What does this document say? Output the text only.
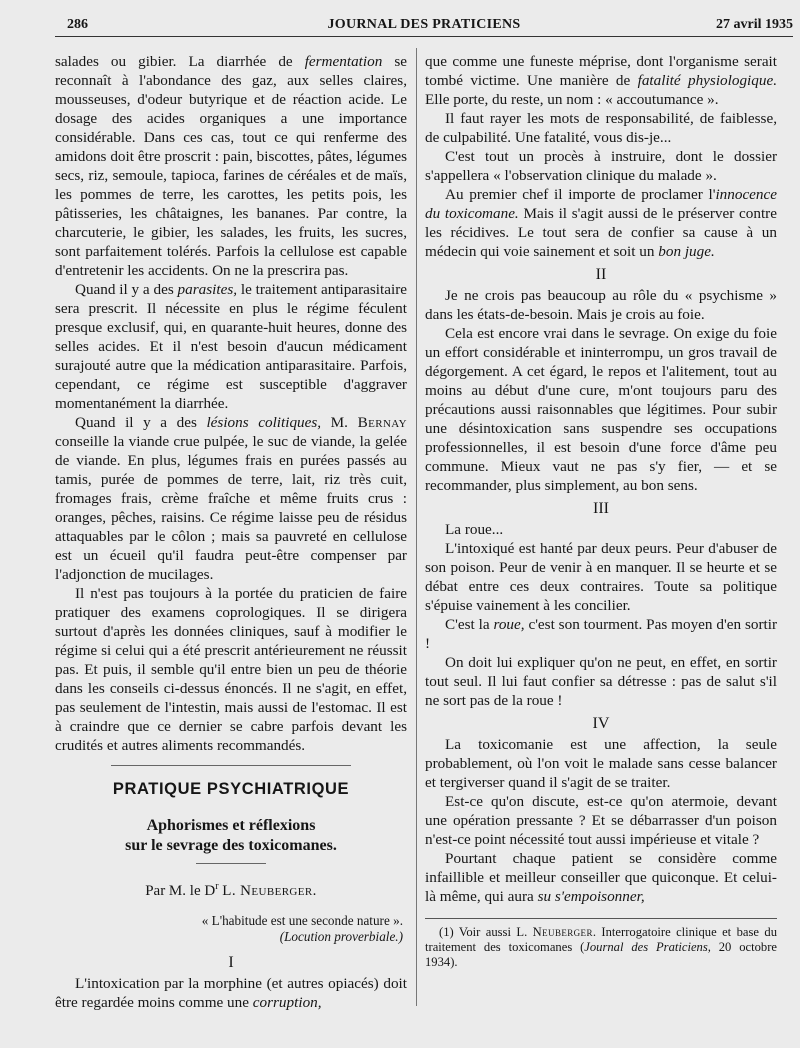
286	JOURNAL DES PRATICIENS	27 avril 1935

salades ou gibier. La diarrhée de fermentation se reconnaît à l'abondance des gaz, aux selles claires, mousseuses, d'odeur butyrique et de réaction acide. Le dosage des acides organiques a une importance considérable. Dans ces cas, tout ce qui renferme des amidons doit être proscrit : pain, biscottes, pâtes, légumes secs, riz, semoule, tapioca, farines de céréales et de maïs, les pommes de terre, les carottes, les petits pois, les pâtisseries, les châtaignes, les bananes. Par contre, la charcuterie, le gibier, les salades, les fruits, les sucres, sont parfaitement tolérés. Parfois la cellulose est capable d'entretenir les accidents. On ne la prescrira pas.

Quand il y a des parasites, le traitement antiparasitaire sera prescrit. Il nécessite en plus le régime féculent presque exclusif, qui, en quarante-huit heures, donne des selles acides. Et il n'est besoin d'aucun médicament surajouté autre que la médication antiparasitaire. Parfois, cependant, ce régime est susceptible d'aggraver momentanément la diarrhée.

Quand il y a des lésions colitiques, M. Bernay conseille la viande crue pulpée, le suc de viande, la gelée de viande. En plus, légumes frais en purées passés au tamis, purée de pommes de terre, lait, riz très cuit, fromages frais, crème fraîche et même fruits crus : oranges, pêches, raisins. Ce régime laisse peu de résidus attaquables par le côlon ; mais sa pauvreté en cellulose est un écueil qu'il faudra peut-être compenser par l'adjonction de mucilages.

Il n'est pas toujours à la portée du praticien de faire pratiquer des examens coprologiques. Il se dirigera surtout d'après les données cliniques, sauf à modifier le régime si celui qui a été prescrit antérieurement ne réussit pas. Et puis, il semble qu'il entre bien un peu de théorie dans les conseils ci-dessus énoncés. Il ne s'agit, en effet, pas seulement de l'intestin, mais aussi de l'estomac. Il est à craindre que ce dernier se cabre parfois devant les crudités et autres aliments recommandés.

PRATIQUE PSYCHIATRIQUE
Aphorismes et réflexions
sur le sevrage des toxicomanes.
Par M. le $D^r$ L. Neuberger.
« L'habitude est une seconde nature ».
(Locution proverbiale.)
I

L'intoxication par la morphine (et autres opiacés) doit être regardée moins comme une corruption,

que comme une funeste méprise, dont l'organisme serait tombé victime. Une manière de fatalité physiologique. Elle porte, du reste, un nom : « accoutumance ».

Il faut rayer les mots de responsabilité, de faiblesse, de culpabilité. Une fatalité, vous dis-je...

C'est tout un procès à instruire, dont le dossier s'appellera « l'observation clinique du malade ».

Au premier chef il importe de proclamer l'innocence du toxicomane. Mais il s'agit aussi de le préserver contre les récidives. Le tout sera de confier sa cause à un médecin qui voie sainement et soit un bon juge.

II

Je ne crois pas beaucoup au rôle du « psychisme » dans les états-de-besoin. Mais je crois au foie.

Cela est encore vrai dans le sevrage. On exige du foie un effort considérable et ininterrompu, un gros travail de dégorgement. A cet égard, le repos et l'alitement, tout au moins au début d'une cure, m'ont toujours paru des précautions aussi raisonnables que légitimes. Pour subir une désintoxication sans suspendre ses occupations professionnelles, il est besoin d'une force d'âme peu commune. Mieux vaut ne pas s'y fier, — et se recommander, plus simplement, au bon sens.

III

La roue...

L'intoxiqué est hanté par deux peurs. Peur d'abuser de son poison. Peur de venir à en manquer. Il se heurte et se débat entre ces deux contraires. Toute sa politique s'épuise vainement à les concilier.

C'est la roue, c'est son tourment. Pas moyen d'en sortir !

On doit lui expliquer qu'on ne peut, en effet, en sortir tout seul. Il lui faut confier sa détresse : pas de salut s'il ne sort pas de la roue !

IV

La toxicomanie est une affection, la seule probablement, où l'on voit le malade sans cesse balancer et tergiverser quand il s'agit de se traiter.

Est-ce qu'on discute, est-ce qu'on atermoie, devant une opération pressante ? Et se débarrasser d'un poison n'est-ce point nécessité tout aussi impérieuse et vitale ?

Pourtant chaque patient se considère comme infaillible et meilleur conseiller que quiconque. Et celui-là même, qui aura su s'empoisonner,

(1) Voir aussi L. Neuberger. Interrogatoire clinique et base du traitement des toxicomanes (Journal des Praticiens, 20 octobre 1934).
